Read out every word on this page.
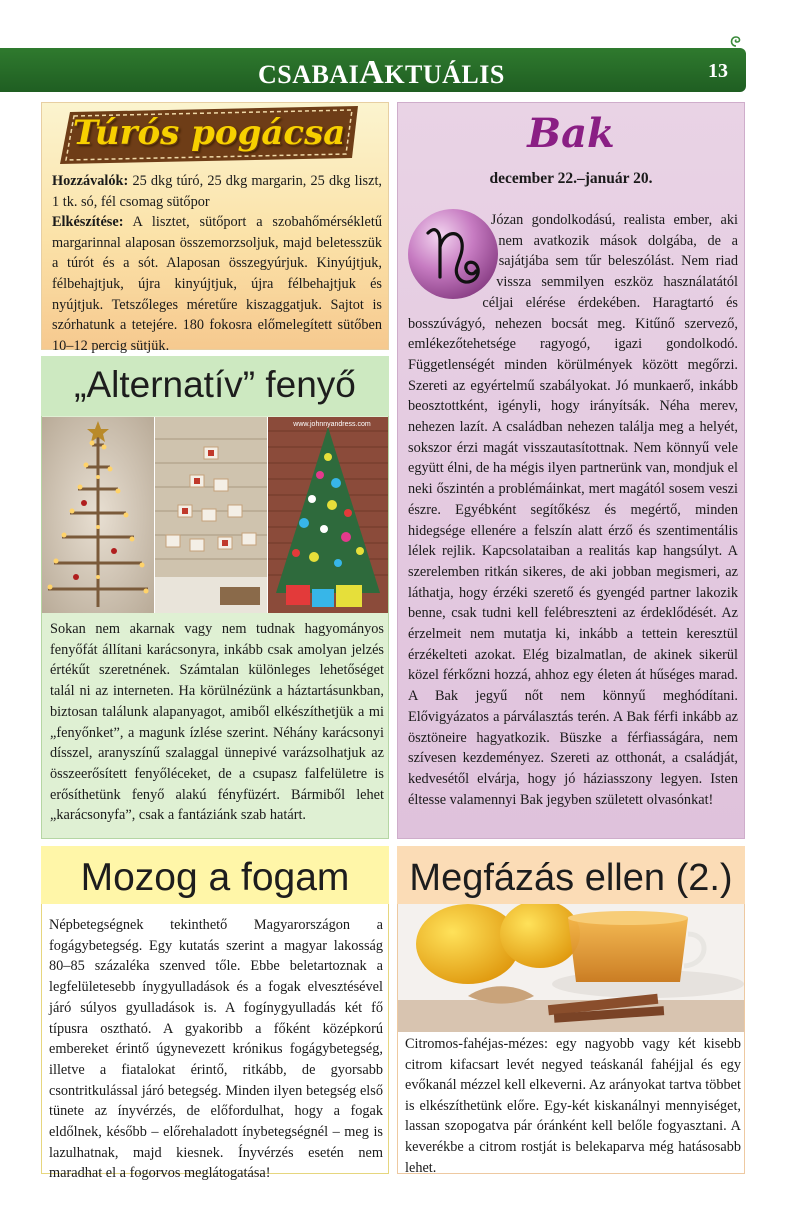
CSABAIAKTUÁLIS	13
Túrós pogácsa

Hozzávalók: 25 dkg túró, 25 dkg margarin, 25 dkg liszt, 1 tk. só, fél csomag sütőpor

Elkészítése: A lisztet, sütőport a szobahőmérsékletű margarinnal alaposan összemorzsoljuk, majd beletesszük a túrót és a sót. Alaposan összegyúrjuk. Kinyújtjuk, félbehajtjuk, újra kinyújtjuk, újra félbehajtjuk és nyújtjuk. Tetszőleges méretűre kiszaggatjuk. Sajtot is szórhatunk a tetejére. 180 fokosra előmelegített sütőben 10–12 percig sütjük.

„Alternatív” fenyő
www.johnnyandress.com
Sokan nem akarnak vagy nem tudnak hagyományos fenyőfát állítani karácsonyra, inkább csak amolyan jelzés értékűt szeretnének. Számtalan különleges lehetőséget talál ni az interneten. Ha körülnézünk a háztartásunkban, biztosan találunk alapanyagot, amiből elkészíthetjük a mi „fenyőnket”, a magunk ízlése szerint. Néhány karácsonyi dísszel, aranyszínű szalaggal ünnepivé varázsolhatjuk az összeerősített fenyőléceket, de a csupasz falfelületre is erősíthetünk fenyő alakú fényfüzért. Bármiből lehet „karácsonyfa”, csak a fantáziánk szab határt.
Bak
december 22.–január 20.
Józan gondolkodású, realista ember, aki nem avatkozik mások dolgába, de a sajátjába sem tűr beleszólást. Nem riad vissza semmilyen eszköz használatától céljai elérése érdekében. Haragtartó és bosszúvágyó, nehezen bocsát meg. Kitűnő szervező, emlékezőtehetsége ragyogó, igazi gondolkodó. Függetlenségét minden körülmények között megőrzi. Szereti az egyértelmű szabályokat. Jó munkaerő, inkább beosztottként, igényli, hogy irányítsák. Néha merev, nehezen lazít. A családban nehezen találja meg a helyét, sokszor érzi magát visszautasítottnak. Nem könnyű vele együtt élni, de ha mégis ilyen partnerünk van, mondjuk el neki őszintén a problémáinkat, mert magától sosem veszi észre. Egyébként segítőkész és megértő, minden hidegsége ellenére a felszín alatt érző és szentimentális lélek rejlik. Kapcsolataiban a realitás kap hangsúlyt. A szerelemben ritkán sikeres, de aki jobban megismeri, az láthatja, hogy érzéki szerető és gyengéd partner lakozik benne, csak tudni kell felébreszteni az érdeklődését. Az érzelmeit nem mutatja ki, inkább a tettein keresztül érzékelteti azokat. Elég bizalmatlan, de akinek sikerül közel férkőzni hozzá, ahhoz egy életen át hűséges marad. A Bak jegyű nőt nem könnyű meghódítani. Elővigyázatos a párválasztás terén. A Bak férfi inkább az ösztöneire hagyatkozik. Büszke a férfiasságára, nem szívesen kezdeményez. Szereti az otthonát, a családját, kedvesétől elvárja, hogy jó háziasszony legyen. Isten éltesse valamennyi Bak jegyben született olvasónkat!
Mozog a fogam
Népbetegségnek tekinthető Magyarországon a fogágybetegség. Egy kutatás szerint a magyar lakosság 80–85 százaléka szenved tőle. Ebbe beletartoznak a legfelületesebb ínygyulladások és a fogak elvesztésével járó súlyos gyulladások is. A fogínygyulladás két fő típusra osztható. A gyakoribb a főként középkorú embereket érintő úgynevezett krónikus fogágybetegség, illetve a fiatalokat érintő, ritkább, de gyorsabb csontritkulással járó betegség. Minden ilyen betegség első tünete az ínyvérzés, de előfordulhat, hogy a fogak eldőlnek, később – előrehaladott ínybetegségnél – meg is lazulhatnak, majd kiesnek. Ínyvérzés esetén nem maradhat el a fogorvos meglátogatása!
Megfázás ellen (2.)
Citromos-fahéjas-mézes: egy nagyobb vagy két kisebb citrom kifacsart levét negyed teáskanál fahéjjal és egy evőkanál mézzel kell elkeverni. Az arányokat tartva többet is elkészíthetünk előre. Egy-két kiskanálnyi mennyiséget, lassan szopogatva pár óránként kell belőle fogyasztani. A keverékbe a citrom rostját is belekaparva még hatásosabb lehet.
